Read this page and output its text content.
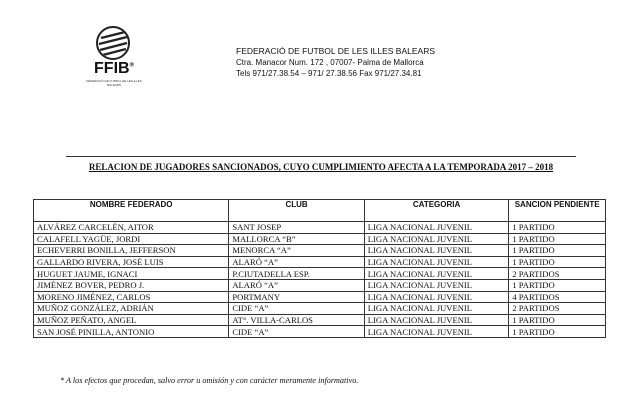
FFIB®
FEDERACIÓ DE FUTBOL DE LES ILLES BALEARS
FEDERACIÓ DE FUTBOL DE LES ILLES BALEARS
Ctra. Manacor Num. 172 , 07007- Palma de Mallorca
Tels 971/27.38.54 – 971/ 27.38.56 Fax 971/27.34.81
RELACION DE JUGADORES SANCIONADOS, CUYO CUMPLIMIENTO AFECTA A LA TEMPORADA 2017 – 2018
NOMBRE FEDERADO	CLUB	CATEGORIA	SANCION PENDIENTE
ALVÁREZ CARCELÉN, AITOR	SANT JOSEP	LIGA NACIONAL JUVENIL	1 PARTIDO
CALAFELL YAGÜE, JORDI	MALLORCA “B”	LIGA NACIONAL JUVENIL	1 PARTIDO
ECHEVERRI BONILLA, JEFFERSON	MENORCA “A”	LIGA NACIONAL JUVENIL	1 PARTIDO
GALLARDO RIVERA, JOSÉ LUIS	ALARÓ “A”	LIGA NACIONAL JUVENIL	1 PARTIDO
HUGUET JAUME, IGNACI	P.CIUTADELLA ESP.	LIGA NACIONAL JUVENIL	2 PARTIDOS
JIMÉNEZ BOVER, PEDRO J.	ALARÓ “A”	LIGA NACIONAL JUVENIL	1 PARTIDO
MORENO JIMÉNEZ, CARLOS	PORTMANY	LIGA NACIONAL JUVENIL	4 PARTIDOS
MUÑOZ GONZÁLEZ, ADRIÁN	CIDE “A”	LIGA NACIONAL JUVENIL	2 PARTIDOS
MUÑOZ PEÑATO, ANGEL	AT°. VILLA-CARLOS	LIGA NACIONAL JUVENIL	1 PARTIDO
SAN JOSÉ PINILLA, ANTONIO	CIDE “A”	LIGA NACIONAL JUVENIL	1 PARTIDO
* A los efectos que procedan, salvo error u omisión y con carácter meramente informativo.
